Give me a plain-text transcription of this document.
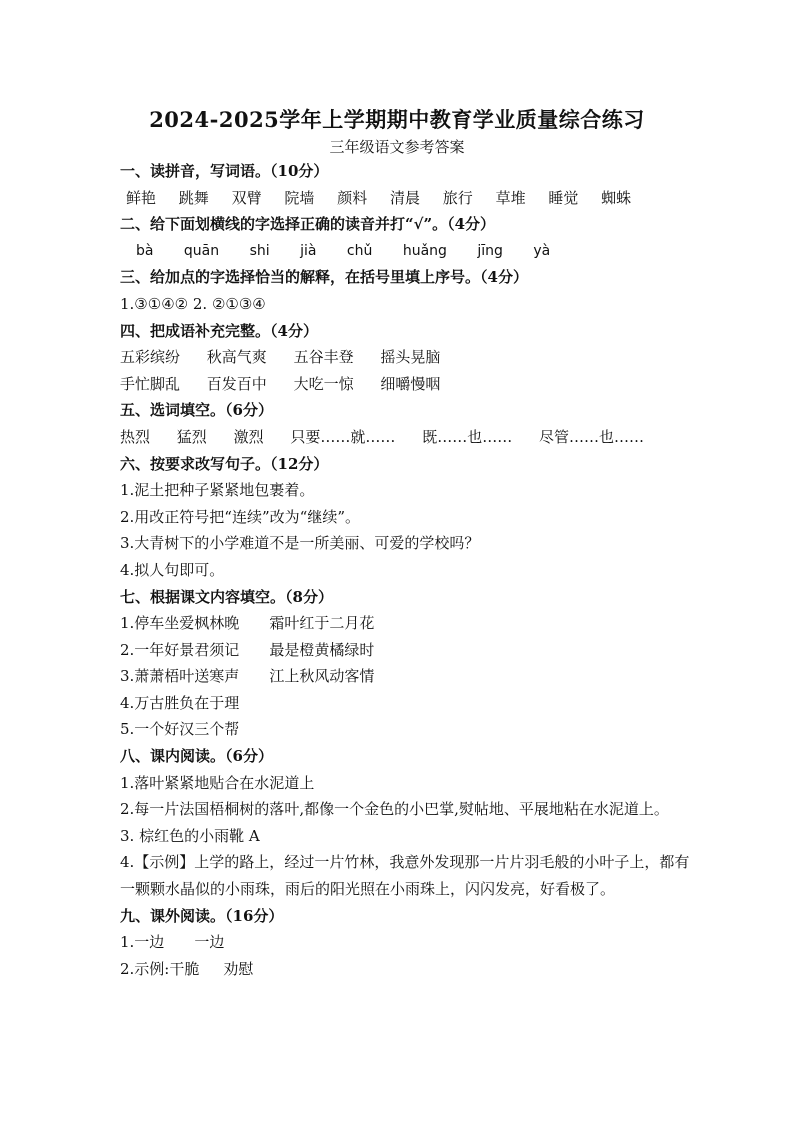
2024-2025学年上学期期中教育学业质量综合练习
三年级语文参考答案
一、读拼音，写词语。（10分）
鲜艳 跳舞 双臂 院墙 颜料 清晨 旅行 草堆 睡觉 蜘蛛
二、给下面划横线的字选择正确的读音并打“√”。（4分）
bà quān shi jià chǔ huǎng jīng yà
三、给加点的字选择恰当的解释，在括号里填上序号。（4分）
1.③①④② 2. ②①③④
四、把成语补充完整。（4分）
五彩缤纷 秋高气爽 五谷丰登 摇头晃脑
手忙脚乱 百发百中 大吃一惊 细嚼慢咽
五、选词填空。（6分）
热烈 猛烈 激烈 只要……就…… 既……也…… 尽管……也……
六、按要求改写句子。（12分）
1.泥土把种子紧紧地包裹着。
2.用改正符号把“连续”改为“继续”。
3.大青树下的小学难道不是一所美丽、可爱的学校吗？
4.拟人句即可。
七、根据课文内容填空。（8分）
1.停车坐爱枫林晚 霜叶红于二月花
2.一年好景君须记 最是橙黄橘绿时
3.萧萧梧叶送寒声 江上秋风动客情
4.万古胜负在于理
5.一个好汉三个帮
八、课内阅读。（6分）
1.落叶紧紧地贴合在水泥道上
2.每一片法国梧桐树的落叶,都像一个金色的小巴掌,熨帖地、平展地粘在水泥道上。
3. 棕红色的小雨靴 A
4.【示例】上学的路上，经过一片竹林，我意外发现那一片片羽毛般的小叶子上，都有一颗颗水晶似的小雨珠，雨后的阳光照在小雨珠上，闪闪发亮，好看极了。
九、课外阅读。（16分）
1.一边 一边
2.示例:干脆 劝慰
